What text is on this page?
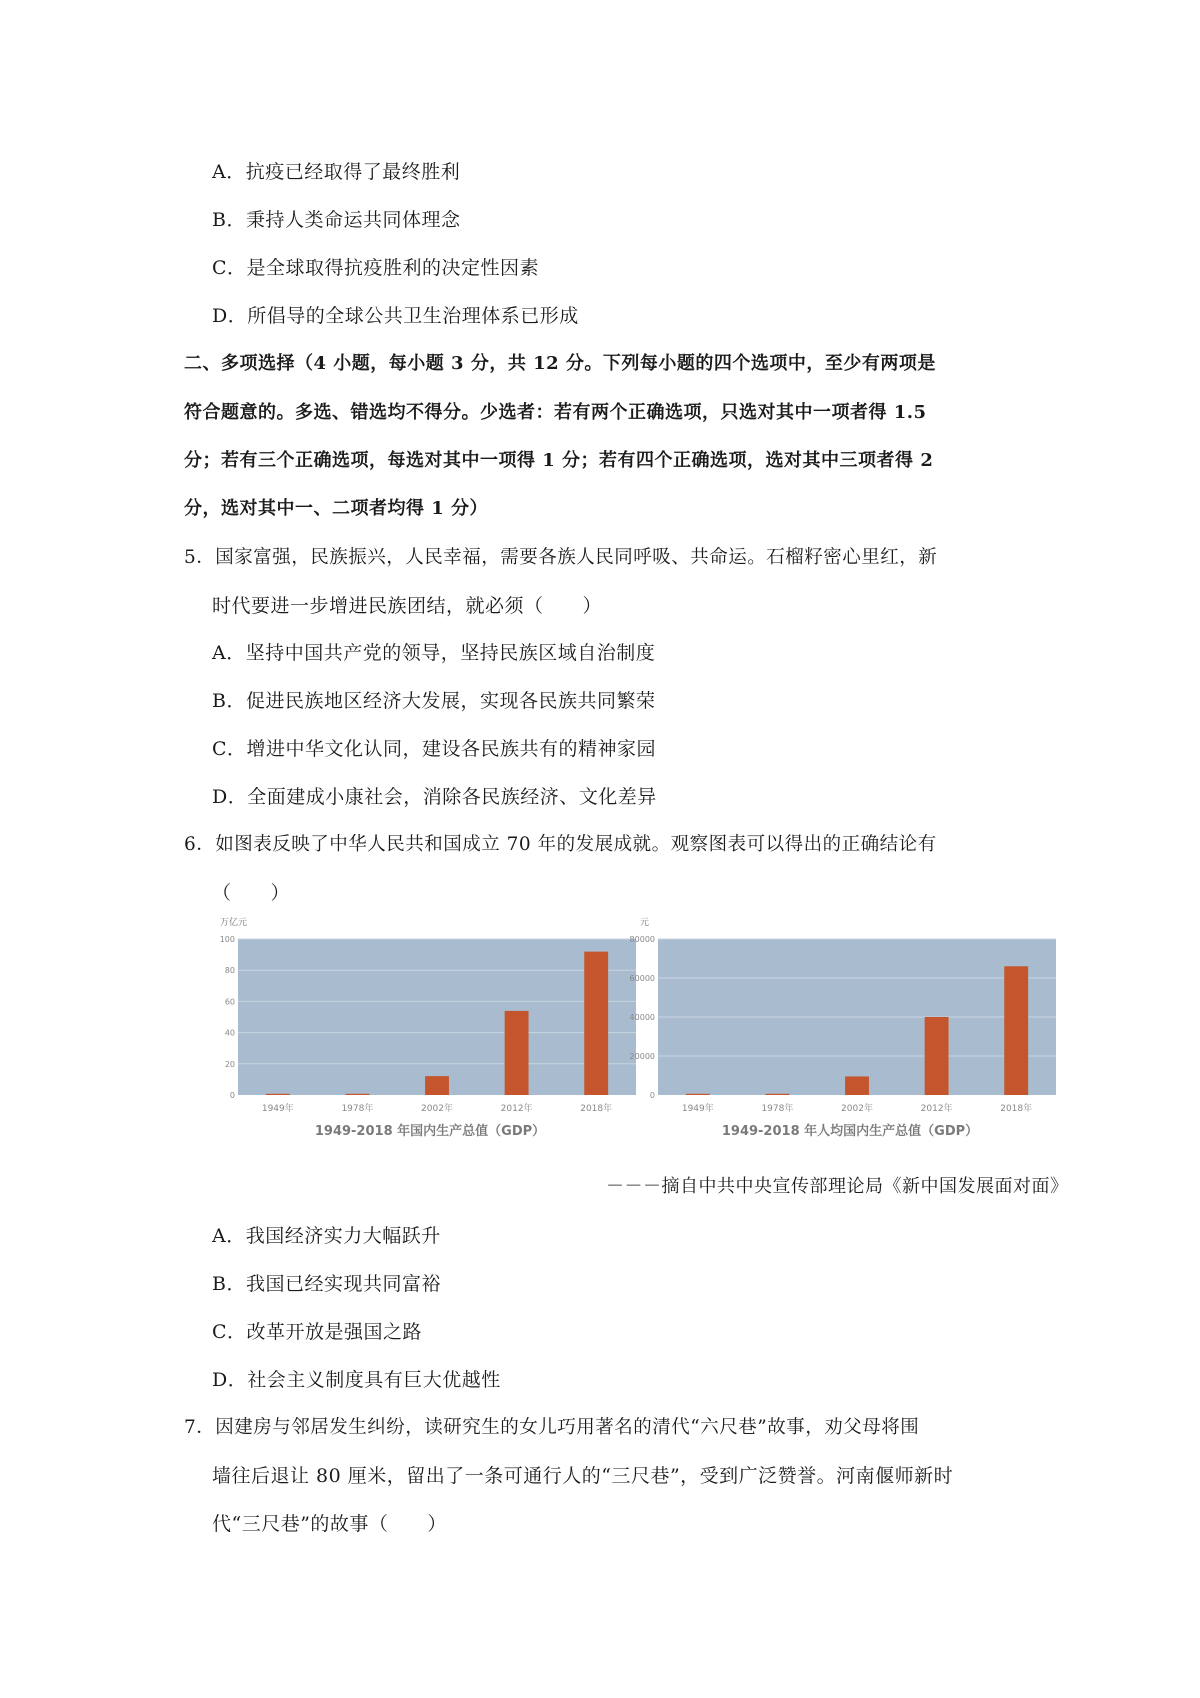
A．抗疫已经取得了最终胜利
B．秉持人类命运共同体理念
C．是全球取得抗疫胜利的决定性因素
D．所倡导的全球公共卫生治理体系已形成
二、多项选择（4 小题，每小题 3 分，共 12 分。下列每小题的四个选项中，至少有两项是
符合题意的。多选、错选均不得分。少选者：若有两个正确选项，只选对其中一项者得 1.5
分；若有三个正确选项，每选对其中一项得 1 分；若有四个正确选项，选对其中三项者得 2
分，选对其中一、二项者均得 1 分）
5．国家富强，民族振兴，人民幸福，需要各族人民同呼吸、共命运。石榴籽密心里红，新
时代要进一步增进民族团结，就必须（　　）
A．坚持中国共产党的领导，坚持民族区域自治制度
B．促进民族地区经济大发展，实现各民族共同繁荣
C．增进中华文化认同，建设各民族共有的精神家园
D．全面建成小康社会，消除各民族经济、文化差异
6．如图表反映了中华人民共和国成立 70 年的发展成就。观察图表可以得出的正确结论有
（　　）
万亿元
0
20
40
60
80
100
1949年	1978年	2002年	2012年	2018年
1949-2018 年国内生产总值（GDP）
元
0
20000
40000
60000
80000
1949年	1978年	2002年	2012年	2018年
1949-2018 年人均国内生产总值（GDP）
－－－摘自中共中央宣传部理论局《新中国发展面对面》
A．我国经济实力大幅跃升
B．我国已经实现共同富裕
C．改革开放是强国之路
D．社会主义制度具有巨大优越性
7．因建房与邻居发生纠纷，读研究生的女儿巧用著名的清代“六尺巷”故事，劝父母将围
墙往后退让 80 厘米，留出了一条可通行人的“三尺巷”，受到广泛赞誉。河南偃师新时
代“三尺巷”的故事（　　）
